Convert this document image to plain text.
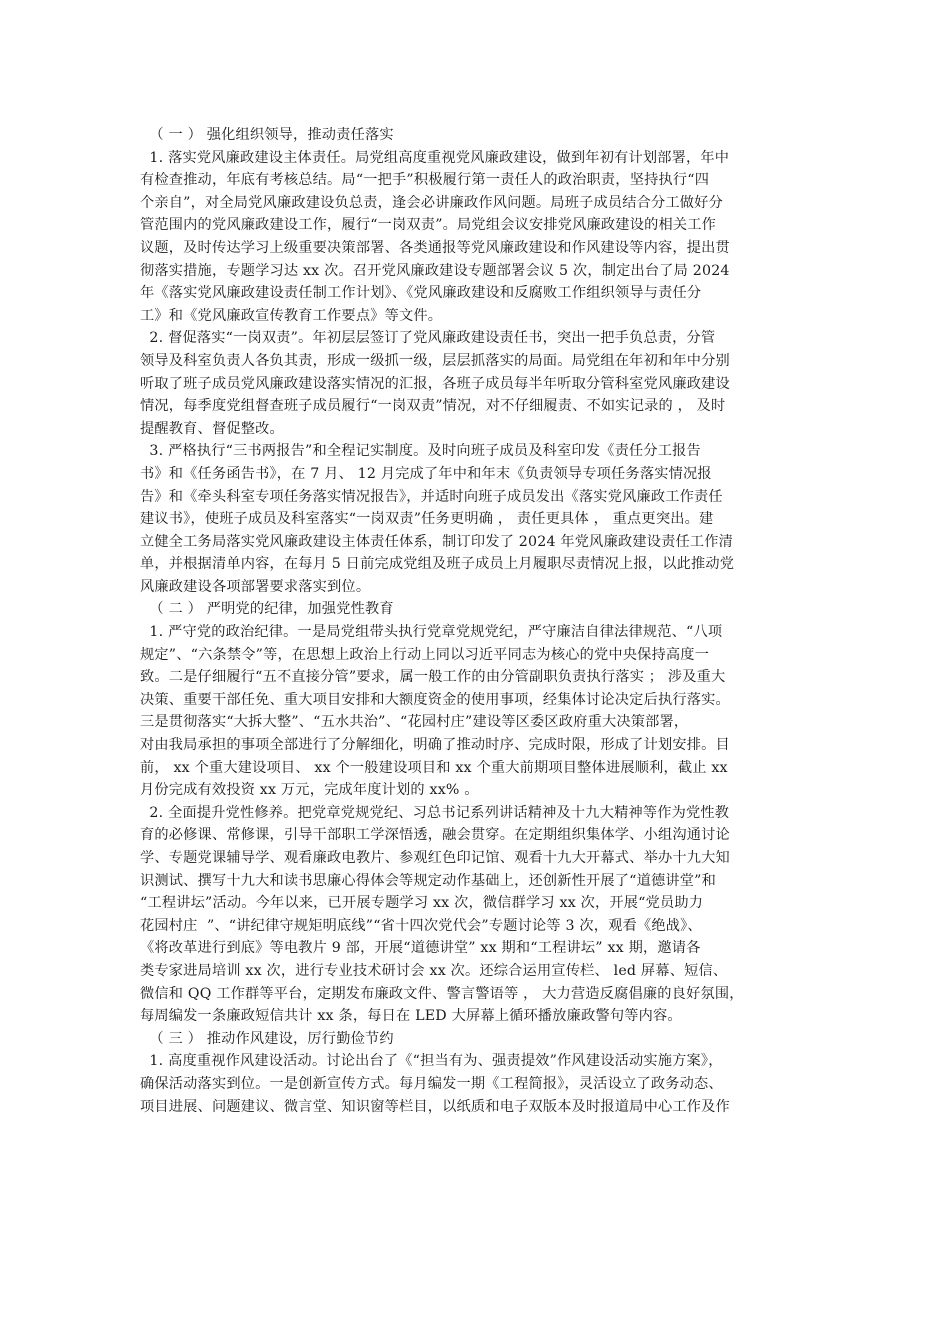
（ 一 ） 强化组织领导，推动责任落实
1. 落实党风廉政建设主体责任。局党组高度重视党风廉政建设，做到年初有计划部署，年中
有检查推动，年底有考核总结。局“一把手”积极履行第一责任人的政治职责，坚持执行“四
个亲自”，对全局党风廉政建设负总责，逢会必讲廉政作风问题。局班子成员结合分工做好分
管范围内的党风廉政建设工作，履行“一岗双责”。局党组会议安排党风廉政建设的相关工作
议题，及时传达学习上级重要决策部署、各类通报等党风廉政建设和作风建设等内容，提出贯
彻落实措施，专题学习达 xx 次。召开党风廉政建设专题部署会议 5 次，制定出台了局 2024
年《落实党风廉政建设责任制工作计划》、《党风廉政建设和反腐败工作组织领导与责任分
工》和《党风廉政宣传教育工作要点》等文件。
2. 督促落实“一岗双责”。年初层层签订了党风廉政建设责任书，突出一把手负总责，分管
领导及科室负责人各负其责，形成一级抓一级，层层抓落实的局面。局党组在年初和年中分别
听取了班子成员党风廉政建设落实情况的汇报，各班子成员每半年听取分管科室党风廉政建设
情况，每季度党组督查班子成员履行“一岗双责”情况，对不仔细履责、不如实记录的 ， 及时
提醒教育、督促整改。
3. 严格执行“三书两报告”和全程记实制度。及时向班子成员及科室印发《责任分工报告
书》和《任务函告书》，在 7 月、 12 月完成了年中和年末《负责领导专项任务落实情况报
告》和《牵头科室专项任务落实情况报告》，并适时向班子成员发出《落实党风廉政工作责任
建议书》，使班子成员及科室落实“一岗双责”任务更明确 ， 责任更具体 ， 重点更突出。建
立健全工务局落实党风廉政建设主体责任体系，制订印发了 2024 年党风廉政建设责任工作清
单，并根据清单内容，在每月 5 日前完成党组及班子成员上月履职尽责情况上报，以此推动党
风廉政建设各项部署要求落实到位。
（ 二 ） 严明党的纪律，加强党性教育
1. 严守党的政治纪律。一是局党组带头执行党章党规党纪，严守廉洁自律法律规范、“八项
规定”、“六条禁令”等，在思想上政治上行动上同以习近平同志为核心的党中央保持高度一
致。二是仔细履行“五不直接分管”要求，属一般工作的由分管副职负责执行落实 ； 涉及重大
决策、重要干部任免、重大项目安排和大额度资金的使用事项，经集体讨论决定后执行落实。
三是贯彻落实“大拆大整”、“五水共治”、“花园村庄”建设等区委区政府重大决策部署，
对由我局承担的事项全部进行了分解细化，明确了推动时序、完成时限，形成了计划安排。目
前， xx 个重大建设项目、 xx 个一般建设项目和 xx 个重大前期项目整体进展顺利，截止 xx
月份完成有效投资 xx 万元，完成年度计划的 xx% 。
2. 全面提升党性修养。把党章党规党纪、习总书记系列讲话精神及十九大精神等作为党性教
育的必修课、常修课，引导干部职工学深悟透，融会贯穿。在定期组织集体学、小组沟通讨论
学、专题党课辅导学、观看廉政电教片、参观红色印记馆、观看十九大开幕式、举办十九大知
识测试、撰写十九大和读书思廉心得体会等规定动作基础上，还创新性开展了“道德讲堂”和
“工程讲坛”活动。今年以来，已开展专题学习 xx 次，微信群学习 xx 次，开展“党员助力
花园村庄  ”、“讲纪律守规矩明底线”“省十四次党代会”专题讨论等 3 次，观看《绝战》、
《将改革进行到底》等电教片 9 部，开展“道德讲堂” xx 期和“工程讲坛” xx 期，邀请各
类专家进局培训 xx 次，进行专业技术研讨会 xx 次。还综合运用宣传栏、 led 屏幕、短信、
微信和 QQ 工作群等平台，定期发布廉政文件、警言警语等 ， 大力营造反腐倡廉的良好氛围，
每周编发一条廉政短信共计 xx 条，每日在 LED 大屏幕上循环播放廉政警句等内容。
（ 三 ） 推动作风建设，厉行勤俭节约
1. 高度重视作风建设活动。讨论出台了《“担当有为、强责提效”作风建设活动实施方案》，
确保活动落实到位。一是创新宣传方式。每月编发一期《工程简报》，灵活设立了政务动态、
项目进展、问题建议、微言堂、知识窗等栏目，以纸质和电子双版本及时报道局中心工作及作
